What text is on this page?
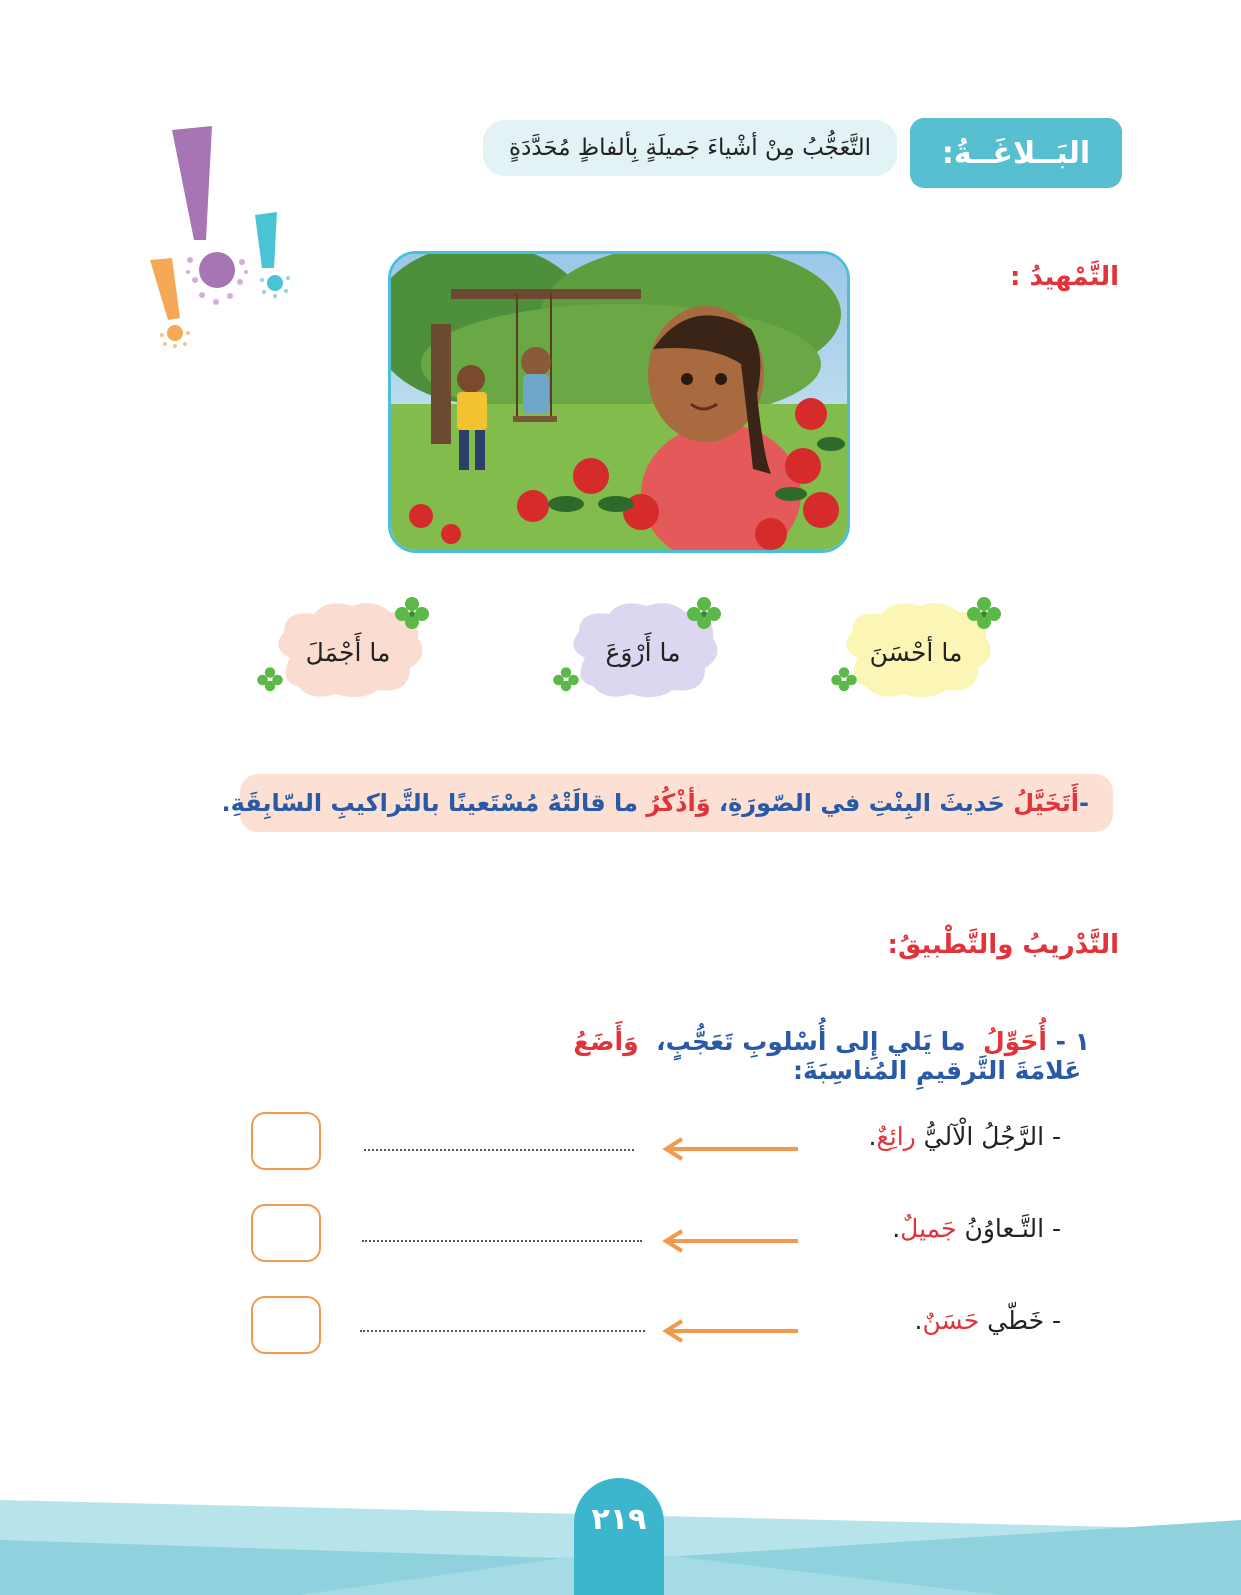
البَــلاغَــةُ:
التَّعَجُّبُ مِنْ أشْياءَ جَميلَةٍ بِألفاظٍ مُحَدَّدَةٍ
التَّمْهيدُ :
ما أحْسَنَ
ما أَرْوَعَ
ما أَجْمَلَ
-
أَتَخَيَّلُ
حَديثَ البِنْتِ في الصّورَةِ،
وَأذْكُرُ
ما قالَتْهُ مُسْتَعينًا بالتَّراكيبِ السّابِقَةِ.
التَّدْريبُ والتَّطْبيقُ:
١ - أُحَوِّلُ  ما يَلي إِلى أُسْلوبِ تَعَجُّبٍ،  وَأَضَعُ  عَلامَةَ التَّرقيمِ المُناسِبَةَ:
- الرَّجُلُ الْآليُّ رائِعٌ.
- التَّـعاوُنُ جَميلٌ.
- خَطّي حَسَنٌ.
٢١٩
